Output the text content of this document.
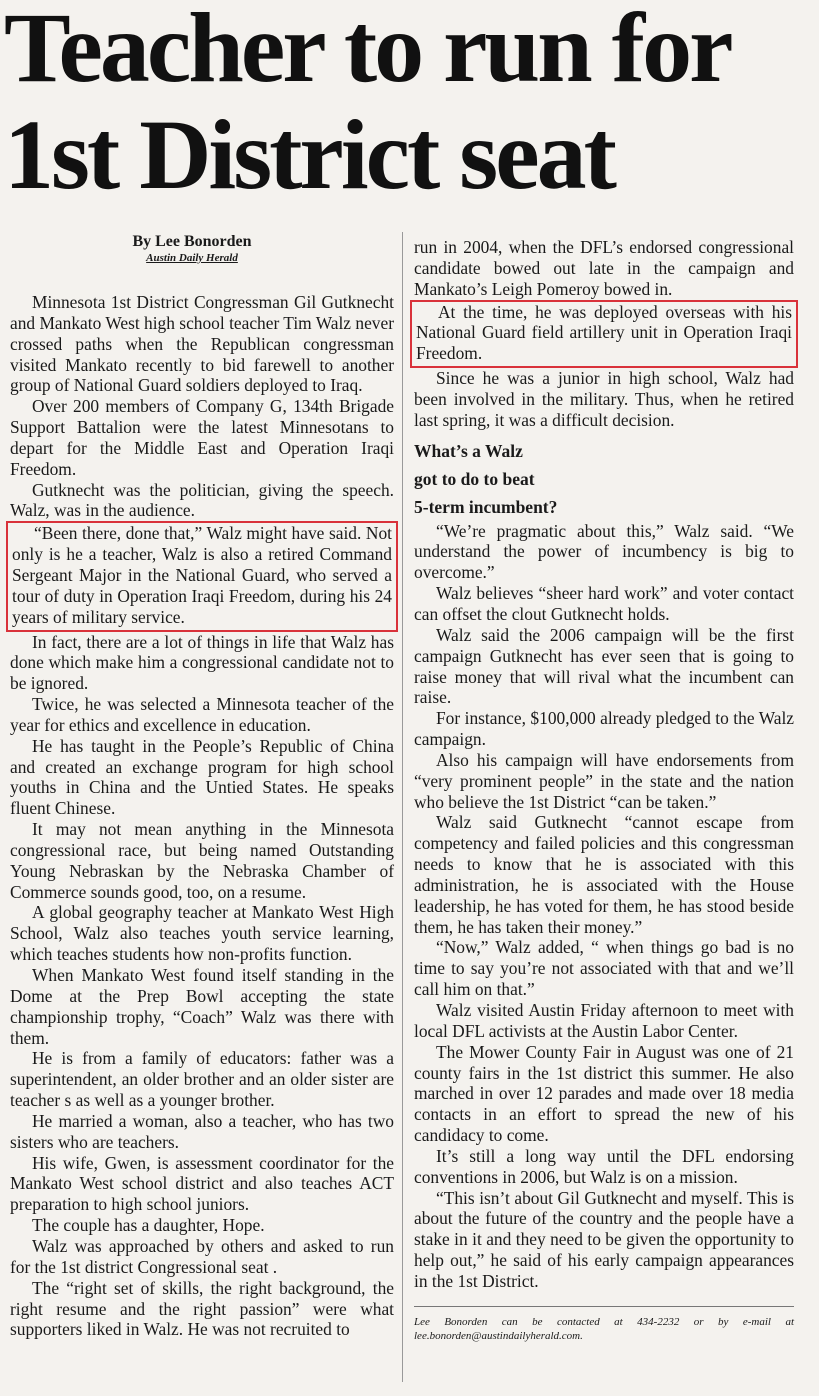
Teacher to run for 1st District seat
By Lee Bonorden
Austin Daily Herald

Minnesota 1st District Congressman Gil Gutknecht and Mankato West high school teacher Tim Walz never crossed paths when the Republican congressman visited Mankato recently to bid farewell to another group of National Guard soldiers deployed to Iraq.

Over 200 members of Company G, 134th Brigade Support Battalion were the latest Minnesotans to depart for the Middle East and Operation Iraqi Freedom.

Gutknecht was the politician, giving the speech. Walz, was in the audience.

“Been there, done that,” Walz might have said. Not only is he a teacher, Walz is also a retired Command Sergeant Major in the National Guard, who served a tour of duty in Operation Iraqi Freedom, during his 24 years of military service.

In fact, there are a lot of things in life that Walz has done which make him a congressional candidate not to be ignored.

Twice, he was selected a Minnesota teacher of the year for ethics and excellence in education.

He has taught in the People’s Republic of China and created an exchange program for high school youths in China and the Untied States. He speaks fluent Chinese.

It may not mean anything in the Minnesota congressional race, but being named Outstanding Young Nebraskan by the Nebraska Chamber of Commerce sounds good, too, on a resume.

A global geography teacher at Mankato West High School, Walz also teaches youth service learning, which teaches students how non-profits function.

When Mankato West found itself standing in the Dome at the Prep Bowl accepting the state championship trophy, “Coach” Walz was there with them.

He is from a family of educators: father was a superintendent, an older brother and an older sister are teacher s as well as a younger brother.

He married a woman, also a teacher, who has two sisters who are teachers.

His wife, Gwen, is assessment coordinator for the Mankato West school district and also teaches ACT preparation to high school juniors.

The couple has a daughter, Hope.

Walz was approached by others and asked to run for the 1st district Congressional seat .

The “right set of skills, the right background, the right resume and the right passion” were what supporters liked in Walz. He was not recruited to

run in 2004, when the DFL’s endorsed congressional candidate bowed out late in the campaign and Mankato’s Leigh Pomeroy bowed in.

At the time, he was deployed overseas with his National Guard field artillery unit in Operation Iraqi Freedom.

Since he was a junior in high school, Walz had been involved in the military. Thus, when he retired last spring, it was a difficult decision.

What’s a Walz
got to do to beat
5-term incumbent?

“We’re pragmatic about this,” Walz said. “We understand the power of incumbency is big to overcome.”

Walz believes “sheer hard work” and voter contact can offset the clout Gutknecht holds.

Walz said the 2006 campaign will be the first campaign Gutknecht has ever seen that is going to raise money that will rival what the incumbent can raise.

For instance, $100,000 already pledged to the Walz campaign.

Also his campaign will have endorsements from “very prominent people” in the state and the nation who believe the 1st District “can be taken.”

Walz said Gutknecht “cannot escape from competency and failed policies and this congressman needs to know that he is associated with this administration, he is associated with the House leadership, he has voted for them, he has stood beside them, he has taken their money.”

“Now,” Walz added, “ when things go bad is no time to say you’re not associated with that and we’ll call him on that.”

Walz visited Austin Friday afternoon to meet with local DFL activists at the Austin Labor Center.

The Mower County Fair in August was one of 21 county fairs in the 1st district this summer. He also marched in over 12 parades and made over 18 media contacts in an effort to spread the new of his candidacy to come.

It’s still a long way until the DFL endorsing conventions in 2006, but Walz is on a mission.

“This isn’t about Gil Gutknecht and myself. This is about the future of the country and the people have a stake in it and they need to be given the opportunity to help out,” he said of his early campaign appearances in the 1st District.

Lee Bonorden can be contacted at 434-2232 or by e-mail at lee.bonorden@austindailyherald.com.
